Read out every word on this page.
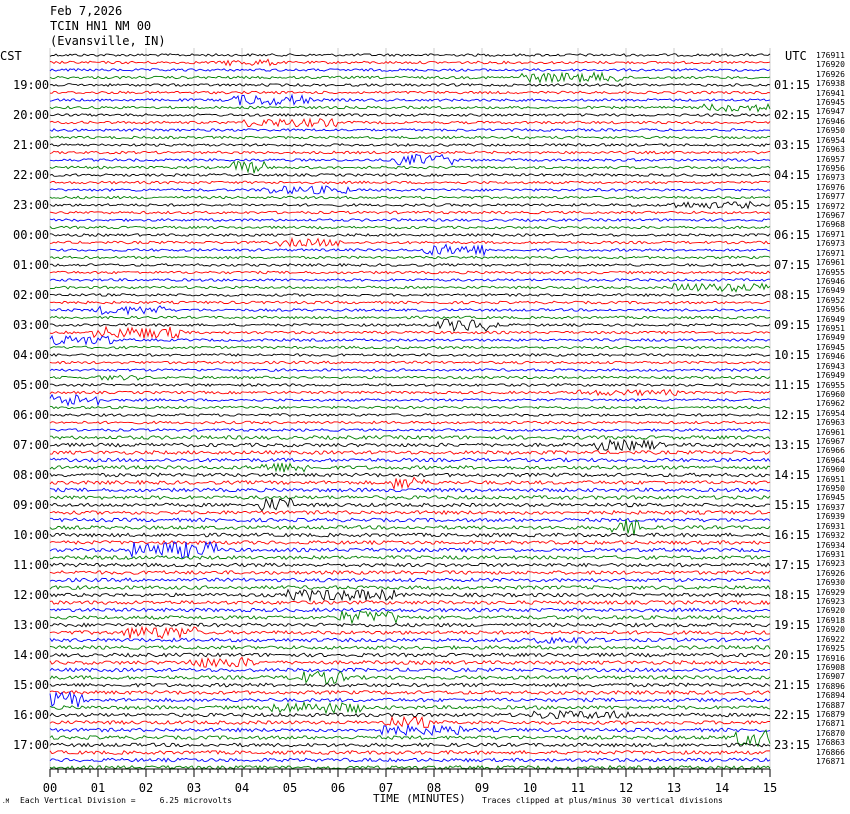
00	01	02	03	04	05	06	07	08	09	10	11	12	13	14	15
Feb 7,2026
TCIN HN1 NM 00
(Evansville, IN)
CST	UTC
19:00
20:00
21:00
22:00
23:00
00:00
01:00
02:00
03:00
04:00
05:00
06:00
07:00
08:00
09:00
10:00
11:00
12:00
13:00
14:00
15:00
16:00
17:00
01:15
02:15
03:15
04:15
05:15
06:15
07:15
08:15
09:15
10:15
11:15
12:15
13:15
14:15
15:15
16:15
17:15
18:15
19:15
20:15
21:15
22:15
23:15
176911
176920
176926
176938
176941
176945
176947
176946
176950
176954
176963
176957
176956
176973
176976
176977
176972
176967
176968
176971
176973
176971
176961
176955
176946
176949
176952
176956
176949
176951
176949
176945
176946
176943
176949
176955
176960
176962
176954
176963
176961
176967
176966
176964
176960
176951
176950
176945
176937
176939
176931
176932
176934
176931
176923
176926
176930
176929
176923
176920
176918
176920
176922
176925
176916
176908
176907
176896
176894
176887
176879
176871
176870
176863
176866
176871
.M Each Vertical Division =     6.25 microvolts	TIME (MINUTES) Traces clipped at plus/minus 30 vertical divisions
